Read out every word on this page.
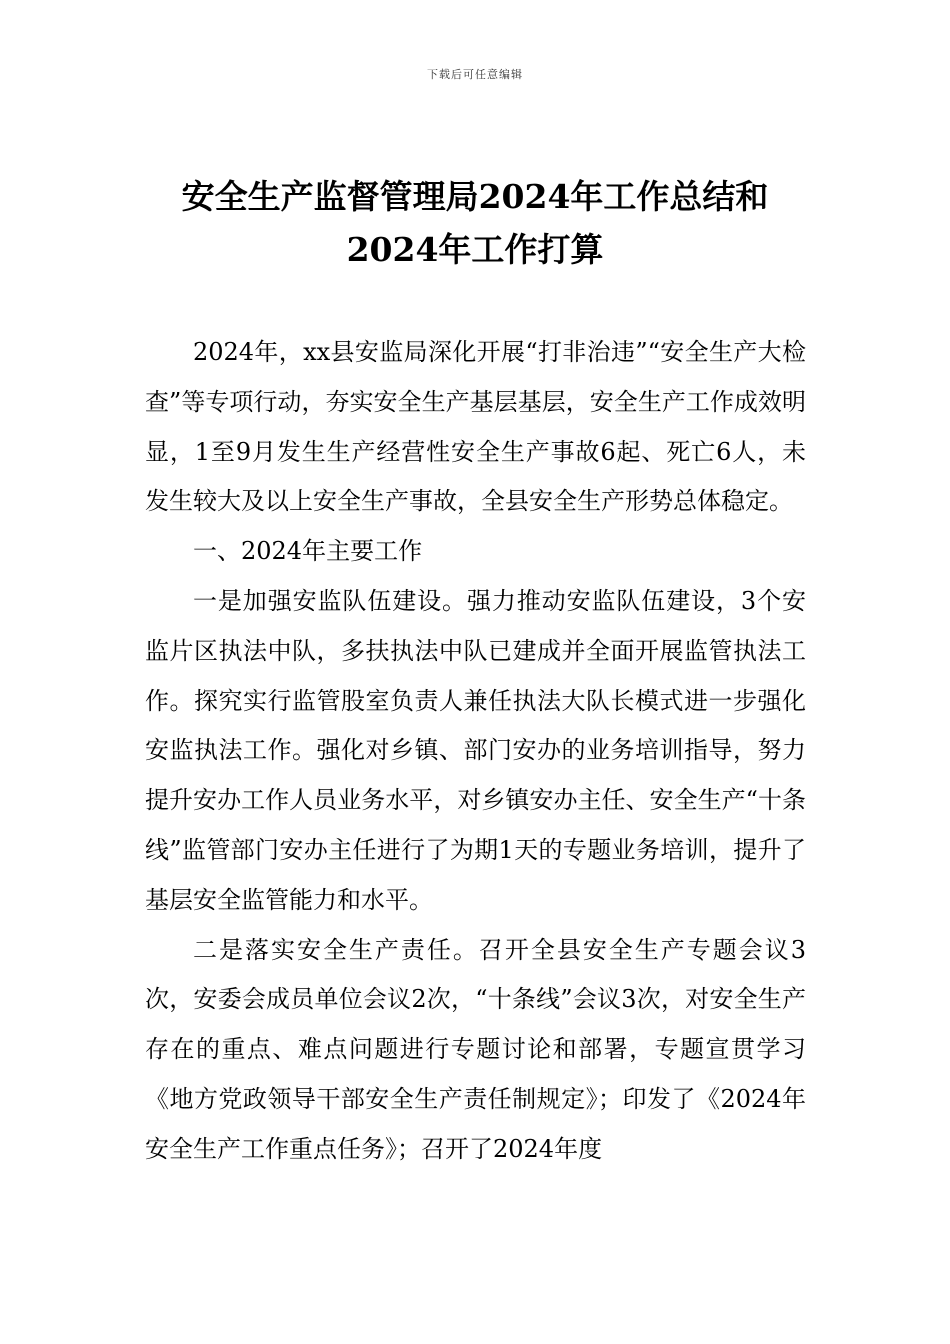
下载后可任意编辑
安全生产监督管理局2024年工作总结和
2024年工作打算

2024年，xx县安监局深化开展“打非治违”“安全生产大检查”等专项行动，夯实安全生产基层基层，安全生产工作成效明显，1至9月发生生产经营性安全生产事故6起、死亡6人，未发生较大及以上安全生产事故，全县安全生产形势总体稳定。

一、2024年主要工作

一是加强安监队伍建设。强力推动安监队伍建设，3个安监片区执法中队，多扶执法中队已建成并全面开展监管执法工作。探究实行监管股室负责人兼任执法大队长模式进一步强化安监执法工作。强化对乡镇、部门安办的业务培训指导，努力提升安办工作人员业务水平，对乡镇安办主任、安全生产“十条线”监管部门安办主任进行了为期1天的专题业务培训，提升了基层安全监管能力和水平。

二是落实安全生产责任。召开全县安全生产专题会议3次，安委会成员单位会议2次，“十条线”会议3次，对安全生产存在的重点、难点问题进行专题讨论和部署，专题宣贯学习《地方党政领导干部安全生产责任制规定》；印发了《2024年安全生产工作重点任务》；召开了2024年度
